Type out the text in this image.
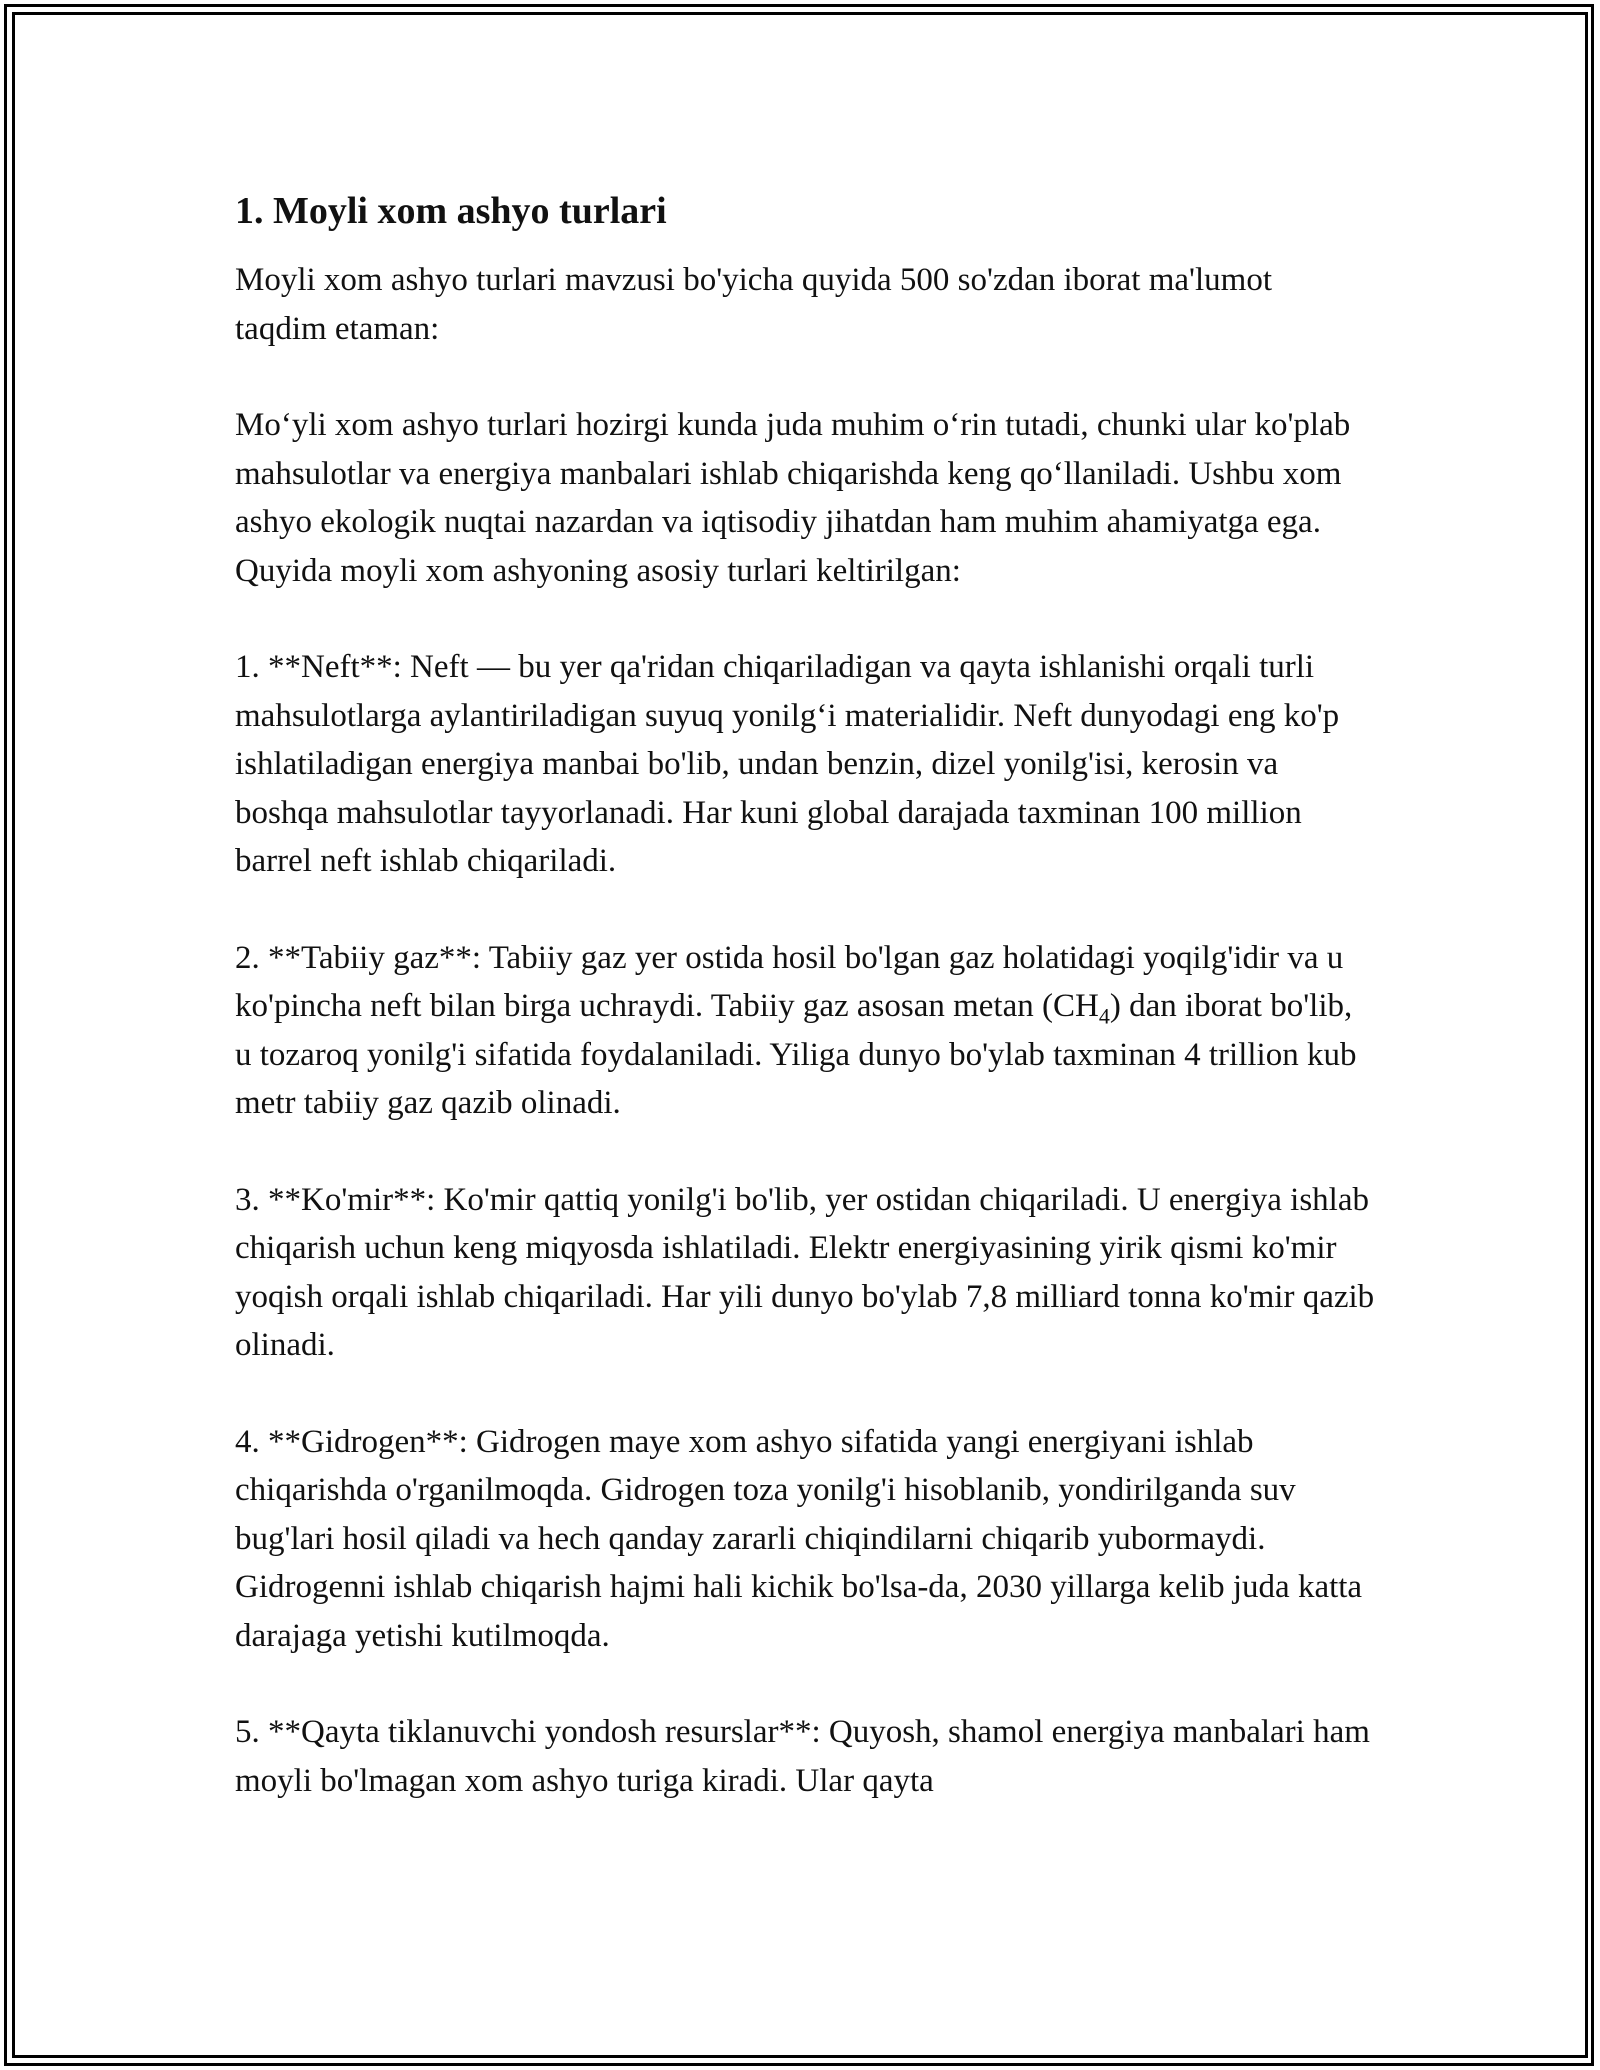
1. Moyli xom ashyo turlari
Moyli xom ashyo turlari mavzusi bo'yicha quyida 500 so'zdan iborat ma'lumot taqdim etaman:
Mo‘yli xom ashyo turlari hozirgi kunda juda muhim o‘rin tutadi, chunki ular ko'plab mahsulotlar va energiya manbalari ishlab chiqarishda keng qo‘llaniladi. Ushbu xom ashyo ekologik nuqtai nazardan va iqtisodiy jihatdan ham muhim ahamiyatga ega. Quyida moyli xom ashyoning asosiy turlari keltirilgan:
1. **Neft**: Neft — bu yer qa'ridan chiqariladigan va qayta ishlanishi orqali turli mahsulotlarga aylantiriladigan suyuq yonilg‘i materialidir. Neft dunyodagi eng ko'p ishlatiladigan energiya manbai bo'lib, undan benzin, dizel yonilg'isi, kerosin va boshqa mahsulotlar tayyorlanadi. Har kuni global darajada taxminan 100 million barrel neft ishlab chiqariladi.
2. **Tabiiy gaz**: Tabiiy gaz yer ostida hosil bo'lgan gaz holatidagi yoqilg'idir va u ko'pincha neft bilan birga uchraydi. Tabiiy gaz asosan metan $(CH_4)$ dan iborat bo'lib, u tozaroq yonilg'i sifatida foydalaniladi. Yiliga dunyo bo'ylab taxminan 4 trillion kub metr tabiiy gaz qazib olinadi.
3. **Ko'mir**: Ko'mir qattiq yonilg'i bo'lib, yer ostidan chiqariladi. U energiya ishlab chiqarish uchun keng miqyosda ishlatiladi. Elektr energiyasining yirik qismi ko'mir yoqish orqali ishlab chiqariladi. Har yili dunyo bo'ylab 7,8 milliard tonna ko'mir qazib olinadi.
4. **Gidrogen**: Gidrogen maye xom ashyo sifatida yangi energiyani ishlab chiqarishda o'rganilmoqda. Gidrogen toza yonilg'i hisoblanib, yondirilganda suv bug'lari hosil qiladi va hech qanday zararli chiqindilarni chiqarib yubormaydi. Gidrogenni ishlab chiqarish hajmi hali kichik bo'lsa-da, 2030 yillarga kelib juda katta darajaga yetishi kutilmoqda.
5. **Qayta tiklanuvchi yondosh resurslar**: Quyosh, shamol energiya manbalari ham moyli bo'lmagan xom ashyo turiga kiradi. Ular qayta
